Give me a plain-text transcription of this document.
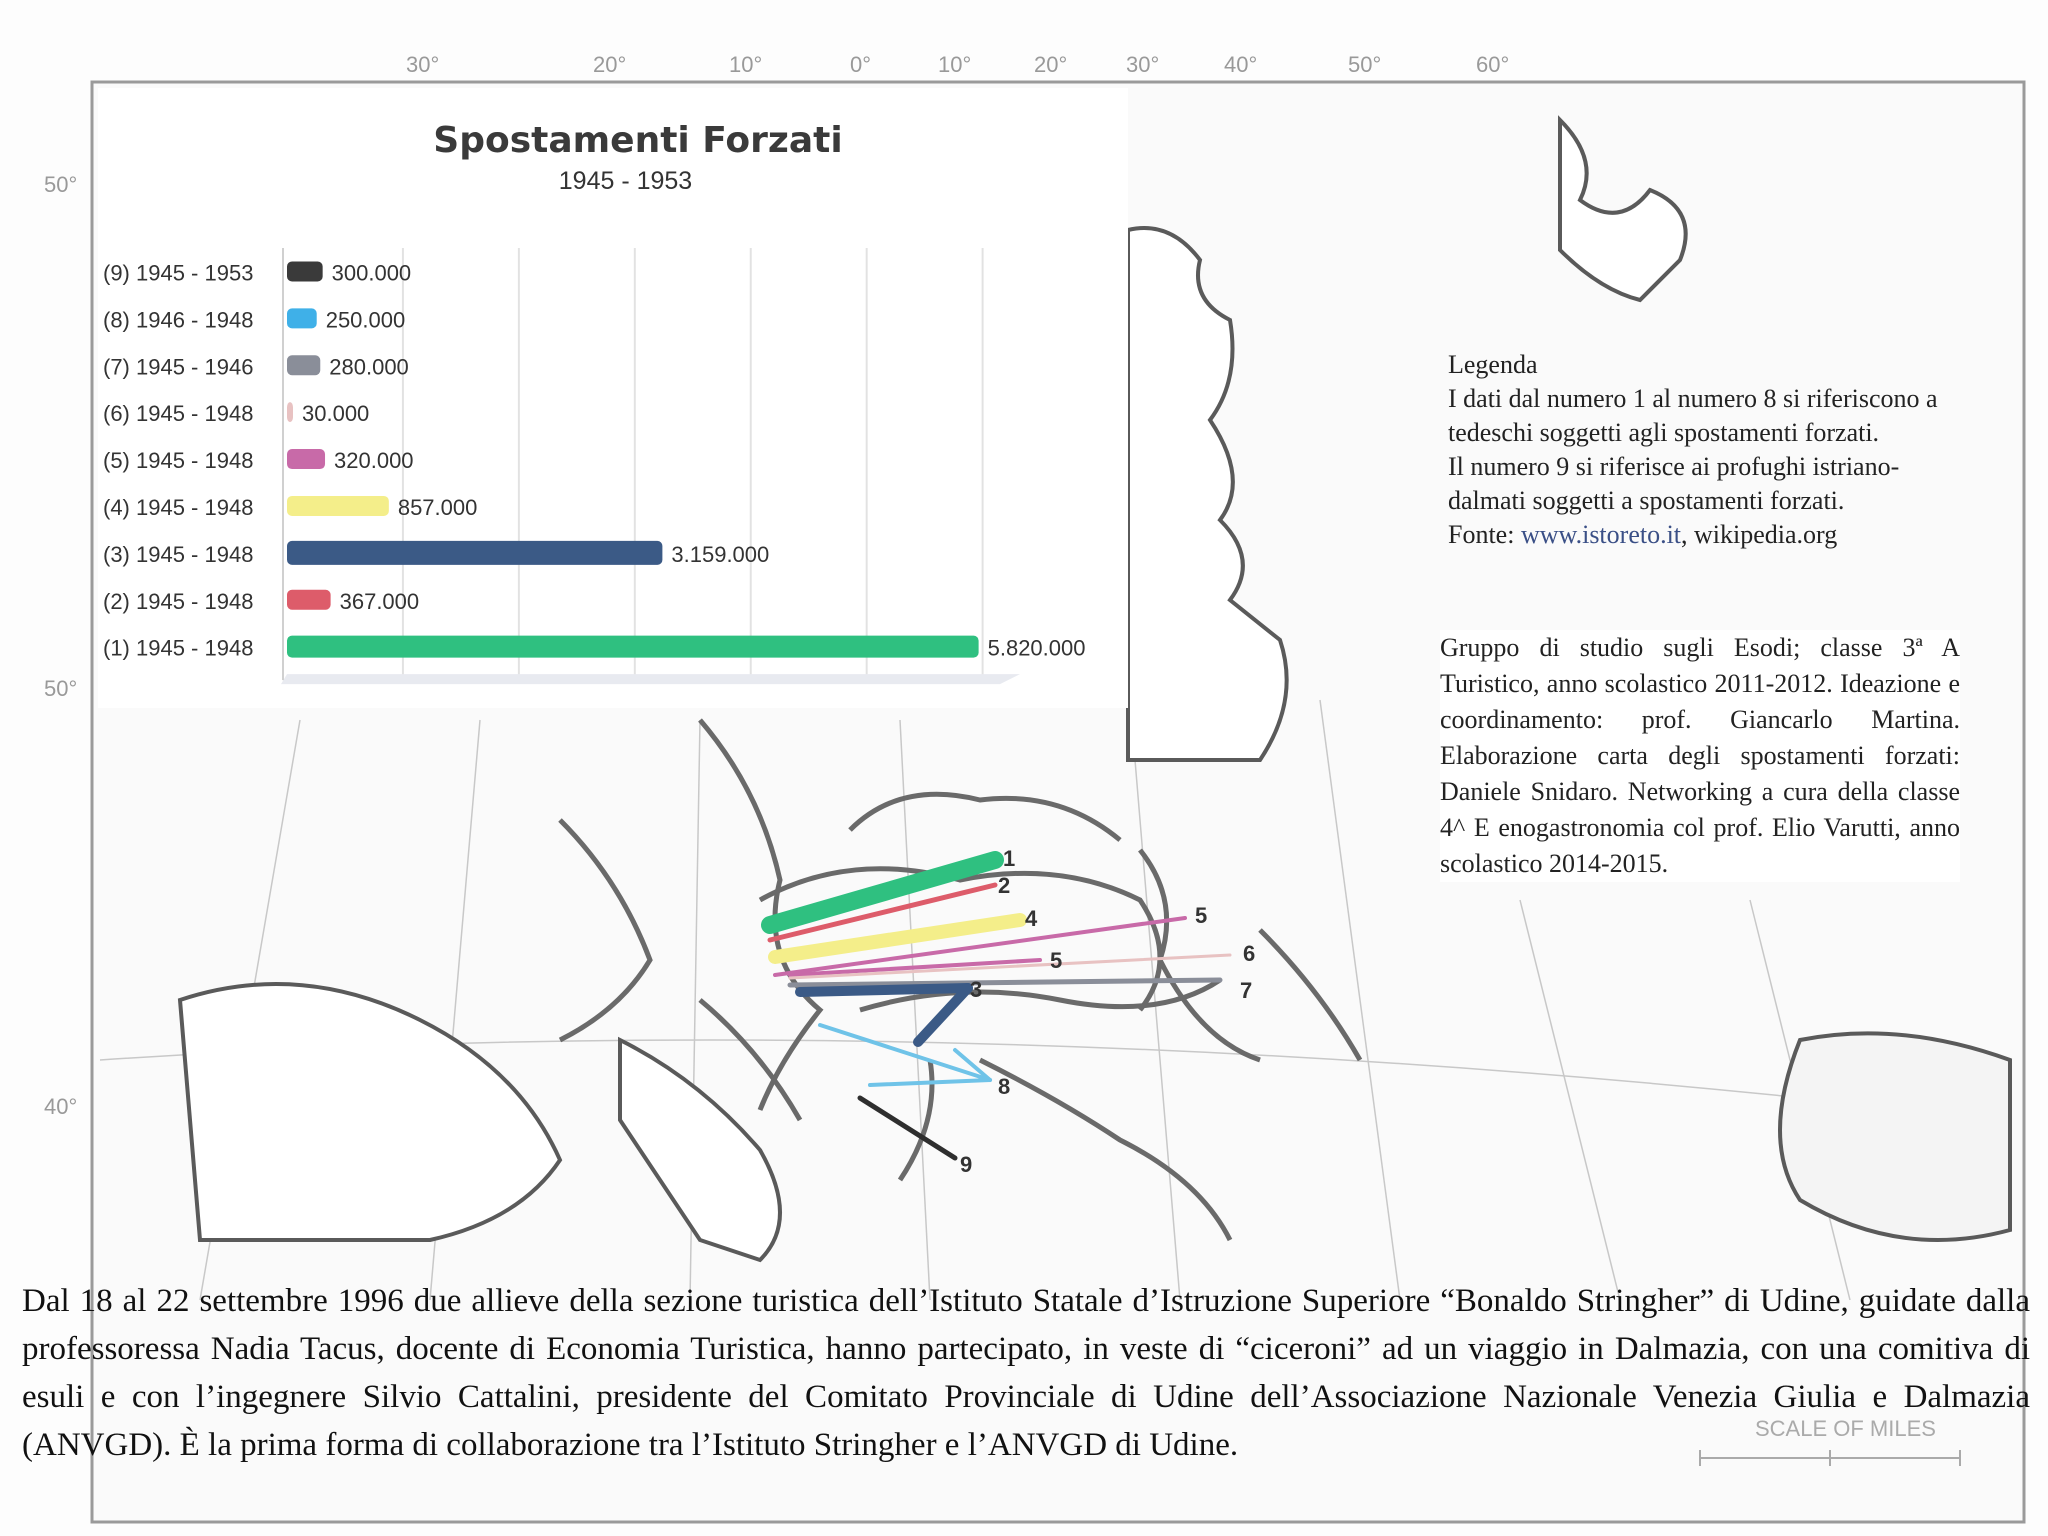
1
2
4	5
6
5
7
3
8
9
SCALE OF MILES
30°	20°	10°	0°	10°	20°	30°	40°	50°	60°
50°
50°
40°
Spostamenti Forzati
1945 - 1953
(9) 1945 - 1953	300.000
(8) 1946 - 1948	250.000
(7) 1945 - 1946	280.000
(6) 1945 - 1948 30.000
(5) 1945 - 1948	320.000
(4) 1945 - 1948	857.000
(3) 1945 - 1948	3.159.000
(2) 1945 - 1948	367.000
(1) 1945 - 1948	5.820.000
Legenda
I dati dal numero 1 al numero 8 si riferiscono a
tedeschi soggetti agli spostamenti forzati.
Il numero 9 si riferisce ai profughi istriano-
dalmati soggetti a spostamenti forzati.
Fonte: www.istoreto.it, wikipedia.org
Gruppo di studio sugli Esodi; classe 3ª A Turistico, anno scolastico 2011-2012. Ideazione e coordinamento: prof. Giancarlo Martina. Elaborazione carta degli spostamenti forzati: Daniele Snidaro. Networking a cura della classe 4^ E enogastronomia col prof. Elio Varutti, anno scolastico 2014-2015.
Dal 18 al 22 settembre 1996 due allieve della sezione turistica dell’Istituto Statale d’Istruzione Superiore “Bonaldo Stringher” di Udine, guidate dalla professoressa Nadia Tacus, docente di Economia Turistica, hanno partecipato, in veste di “ciceroni” ad un viaggio in Dalmazia, con una comitiva di esuli e con l’ingegnere Silvio Cattalini, presidente del Comitato Provinciale di Udine dell’Associazione Nazionale Venezia Giulia e Dalmazia (ANVGD). È la prima forma di collaborazione tra l’Istituto Stringher e l’ANVGD di Udine.
